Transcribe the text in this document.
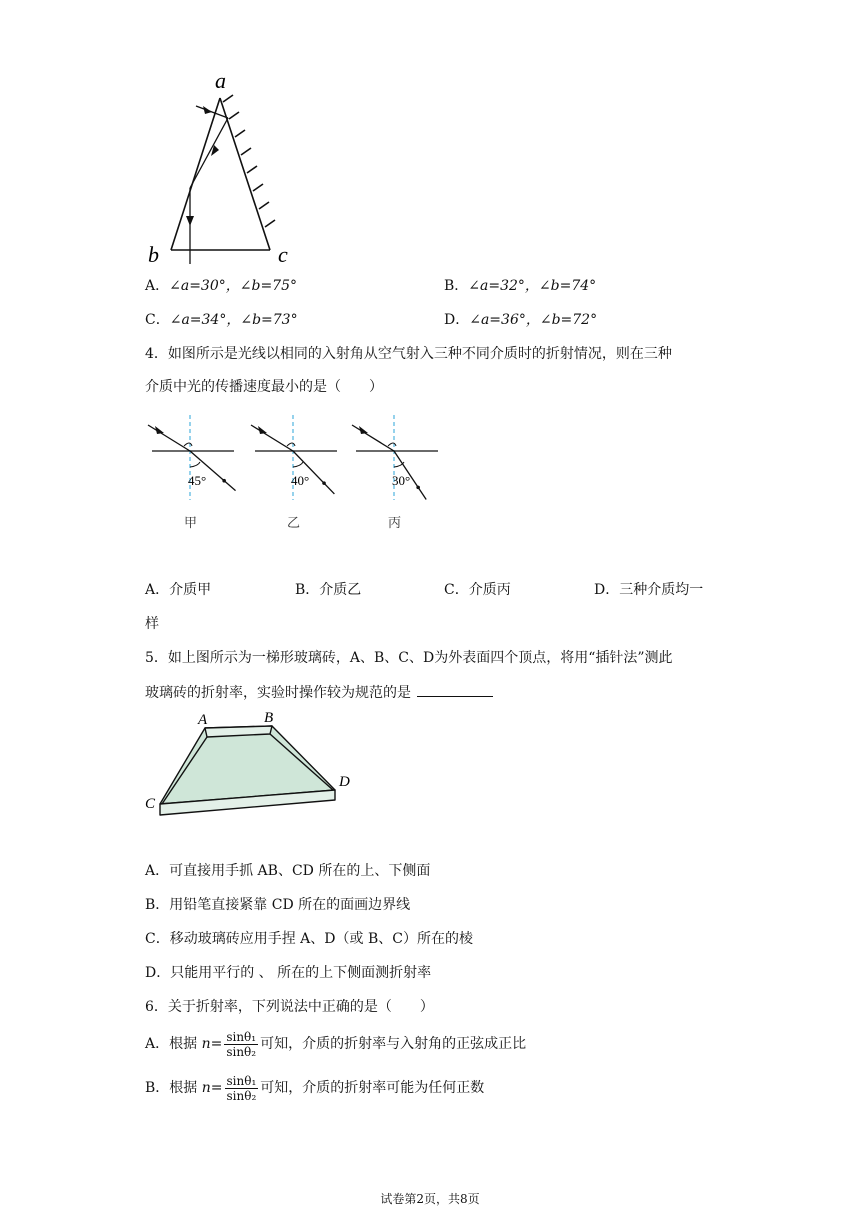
a
b	c
A．∠a=30°，∠b=75°	B．∠a=32°，∠b=74°
C．∠a=34°，∠b=73°	D．∠a=36°，∠b=72°
4．如图所示是光线以相同的入射角从空气射入三种不同介质时的折射情况，则在三种
介质中光的传播速度最小的是（　　）
45°
甲
40°
乙
30°
丙
A．介质甲	B．介质乙	C．介质丙	D．三种介质均一
样
5．如上图所示为一梯形玻璃砖，A、B、C、D为外表面四个顶点，将用“插针法”测此
玻璃砖的折射率，实验时操作较为规范的是
A	B
C
D
A．可直接用手抓 AB、CD 所在的上、下侧面
B．用铅笔直接紧靠 CD 所在的面画边界线
C．移动玻璃砖应用手捏 A、D（或 B、C）所在的棱
D．只能用平行的 、 所在的上下侧面测折射率
6．关于折射率，下列说法中正确的是（　　）
A．根据 $n= \frac{\text{sinθ₁}}{\text{sinθ₂}}$ 可知，介质的折射率与入射角的正弦成正比
B．根据 $n= \frac{\text{sinθ₁}}{\text{sinθ₂}}$ 可知，介质的折射率可能为任何正数
试卷第2页，共8页
